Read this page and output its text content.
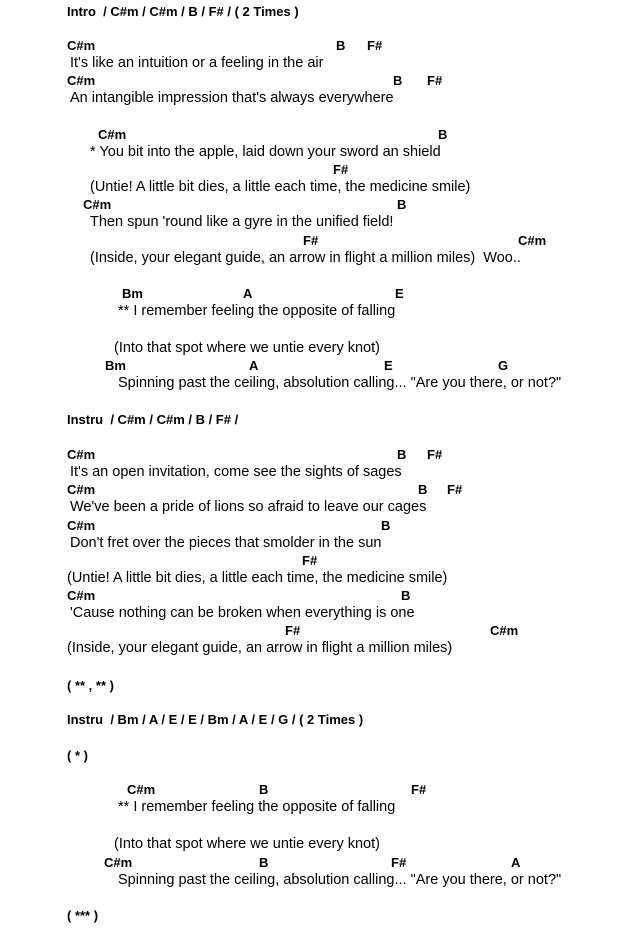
Intro  / C#m / C#m / B / F# / ( 2 Times )

C#m

	B

F#

It's like an intuition or a feeling in the air

C#m

	B

F#

An intangible impression that's always everywhere

C#m

	B

* You bit into the apple, laid down your sword an shield

F#

(Untie! A little bit dies, a little each time, the medicine smile)

C#m

	B

Then spun 'round like a gyre in the unified field!

F#

	C#m

(Inside, your elegant guide, an arrow in flight a million miles)  Woo..

Bm

	A

	E

** I remember feeling the opposite of falling
(Into that spot where we untie every knot)

Bm

	A

	E

	G

Spinning past the ceiling, absolution calling... "Are you there, or not?"
Instru  / C#m / C#m / B / F# /

C#m

	B

F#

It's an open invitation, come see the sights of sages

C#m

	B

F#

We've been a pride of lions so afraid to leave our cages

C#m

	B

Don't fret over the pieces that smolder in the sun

F#

(Untie! A little bit dies, a little each time, the medicine smile)

C#m

	B

'Cause nothing can be broken when everything is one

F#

	C#m

(Inside, your elegant guide, an arrow in flight a million miles)
( ** , ** )
Instru  / Bm / A / E / E / Bm / A / E / G / ( 2 Times )
( * )

C#m

	B

	F#

** I remember feeling the opposite of falling
(Into that spot where we untie every knot)

C#m

	B

	F#

	A

Spinning past the ceiling, absolution calling... "Are you there, or not?"
( *** )
